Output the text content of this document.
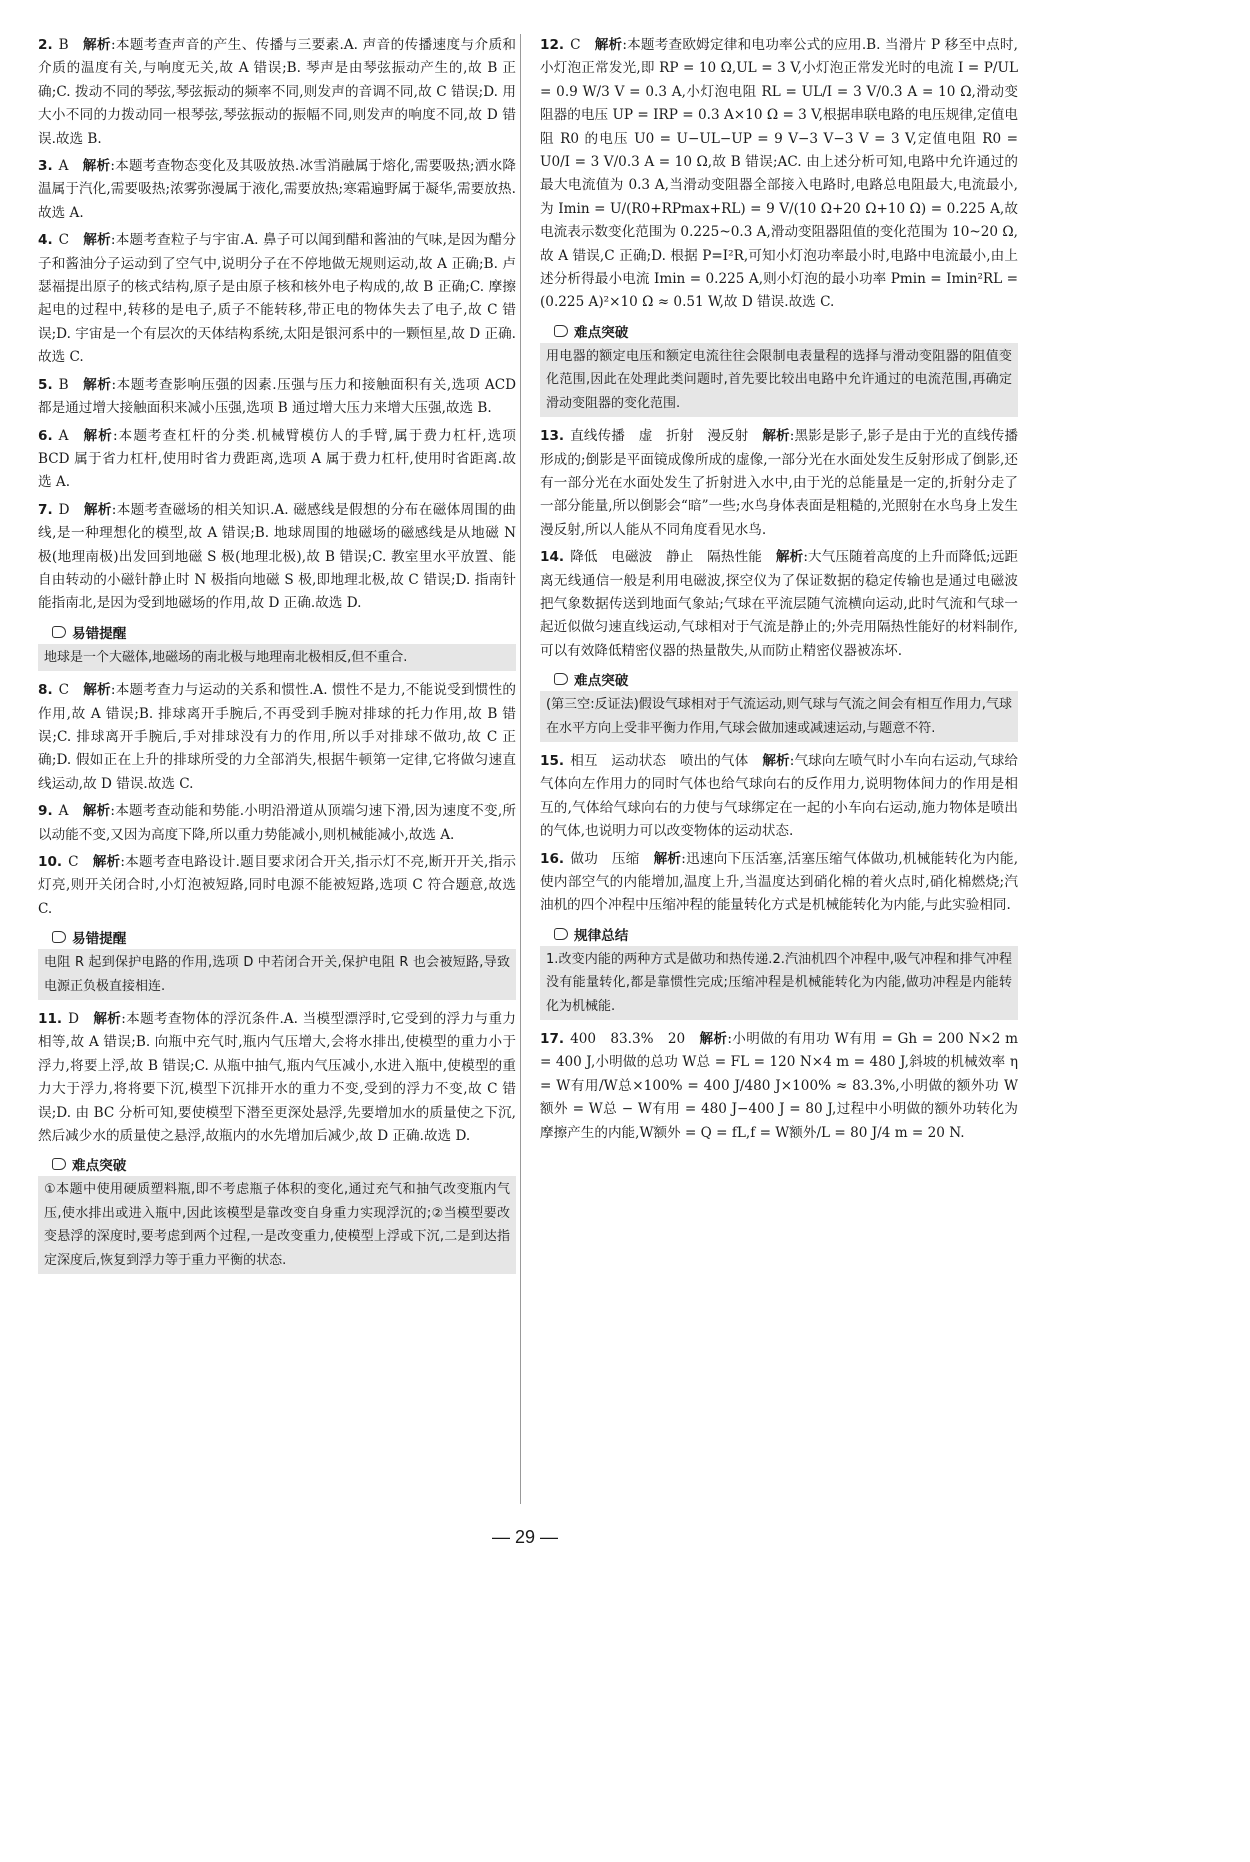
2. B 解析:本题考查声音的产生、传播与三要素.A. 声音的传播速度与介质和介质的温度有关,与响度无关,故 A 错误;B. 琴声是由琴弦振动产生的,故 B 正确;C. 拨动不同的琴弦,琴弦振动的频率不同,则发声的音调不同,故 C 错误;D. 用大小不同的力拨动同一根琴弦,琴弦振动的振幅不同,则发声的响度不同,故 D 错误.故选 B.

3. A 解析:本题考查物态变化及其吸放热.冰雪消融属于熔化,需要吸热;洒水降温属于汽化,需要吸热;浓雾弥漫属于液化,需要放热;寒霜遍野属于凝华,需要放热.故选 A.

4. C 解析:本题考查粒子与宇宙.A. 鼻子可以闻到醋和酱油的气味,是因为醋分子和酱油分子运动到了空气中,说明分子在不停地做无规则运动,故 A 正确;B. 卢瑟福提出原子的核式结构,原子是由原子核和核外电子构成的,故 B 正确;C. 摩擦起电的过程中,转移的是电子,质子不能转移,带正电的物体失去了电子,故 C 错误;D. 宇宙是一个有层次的天体结构系统,太阳是银河系中的一颗恒星,故 D 正确.故选 C.

5. B 解析:本题考查影响压强的因素.压强与压力和接触面积有关,选项 ACD 都是通过增大接触面积来减小压强,选项 B 通过增大压力来增大压强,故选 B.

6. A 解析:本题考查杠杆的分类.机械臂模仿人的手臂,属于费力杠杆,选项 BCD 属于省力杠杆,使用时省力费距离,选项 A 属于费力杠杆,使用时省距离.故选 A.

7. D 解析:本题考查磁场的相关知识.A. 磁感线是假想的分布在磁体周围的曲线,是一种理想化的模型,故 A 错误;B. 地球周围的地磁场的磁感线是从地磁 N 极(地理南极)出发回到地磁 S 极(地理北极),故 B 错误;C. 教室里水平放置、能自由转动的小磁针静止时 N 极指向地磁 S 极,即地理北极,故 C 错误;D. 指南针能指南北,是因为受到地磁场的作用,故 D 正确.故选 D.

易错提醒
地球是一个大磁体,地磁场的南北极与地理南北极相反,但不重合.

8. C 解析:本题考查力与运动的关系和惯性.A. 惯性不是力,不能说受到惯性的作用,故 A 错误;B. 排球离开手腕后,不再受到手腕对排球的托力作用,故 B 错误;C. 排球离开手腕后,手对排球没有力的作用,所以手对排球不做功,故 C 正确;D. 假如正在上升的排球所受的力全部消失,根据牛顿第一定律,它将做匀速直线运动,故 D 错误.故选 C.

9. A 解析:本题考查动能和势能.小明沿滑道从顶端匀速下滑,因为速度不变,所以动能不变,又因为高度下降,所以重力势能减小,则机械能减小,故选 A.

10. C 解析:本题考查电路设计.题目要求闭合开关,指示灯不亮,断开开关,指示灯亮,则开关闭合时,小灯泡被短路,同时电源不能被短路,选项 C 符合题意,故选 C.

易错提醒
电阻 R 起到保护电路的作用,选项 D 中若闭合开关,保护电阻 R 也会被短路,导致电源正负极直接相连.

11. D 解析:本题考查物体的浮沉条件.A. 当模型漂浮时,它受到的浮力与重力相等,故 A 错误;B. 向瓶中充气时,瓶内气压增大,会将水排出,使模型的重力小于浮力,将要上浮,故 B 错误;C. 从瓶中抽气,瓶内气压减小,水进入瓶中,使模型的重力大于浮力,将将要下沉,模型下沉排开水的重力不变,受到的浮力不变,故 C 错误;D. 由 BC 分析可知,要使模型下潜至更深处悬浮,先要增加水的质量使之下沉,然后减少水的质量使之悬浮,故瓶内的水先增加后减少,故 D 正确.故选 D.

难点突破
①本题中使用硬质塑料瓶,即不考虑瓶子体积的变化,通过充气和抽气改变瓶内气压,使水排出或进入瓶中,因此该模型是靠改变自身重力实现浮沉的;②当模型要改变悬浮的深度时,要考虑到两个过程,一是改变重力,使模型上浮或下沉,二是到达指定深度后,恢复到浮力等于重力平衡的状态.

12. C 解析:本题考查欧姆定律和电功率公式的应用.B. 当滑片 P 移至中点时,小灯泡正常发光,即 RP = 10 Ω,UL = 3 V,小灯泡正常发光时的电流 I = P/UL = 0.9 W/3 V = 0.3 A,小灯泡电阻 RL = UL/I = 3 V/0.3 A = 10 Ω,滑动变阻器的电压 UP = IRP = 0.3 A×10 Ω = 3 V,根据串联电路的电压规律,定值电阻 R0 的电压 U0 = U−UL−UP = 9 V−3 V−3 V = 3 V,定值电阻 R0 = U0/I = 3 V/0.3 A = 10 Ω,故 B 错误;AC. 由上述分析可知,电路中允许通过的最大电流值为 0.3 A,当滑动变阻器全部接入电路时,电路总电阻最大,电流最小,为 Imin = U/(R0+RPmax+RL) = 9 V/(10 Ω+20 Ω+10 Ω) = 0.225 A,故电流表示数变化范围为 0.225~0.3 A,滑动变阻器阻值的变化范围为 10~20 Ω,故 A 错误,C 正确;D. 根据 P=I²R,可知小灯泡功率最小时,电路中电流最小,由上述分析得最小电流 Imin = 0.225 A,则小灯泡的最小功率 Pmin = Imin²RL = (0.225 A)²×10 Ω ≈ 0.51 W,故 D 错误.故选 C.

难点突破
用电器的额定电压和额定电流往往会限制电表量程的选择与滑动变阻器的阻值变化范围,因此在处理此类问题时,首先要比较出电路中允许通过的电流范围,再确定滑动变阻器的变化范围.

13. 直线传播　虚　折射　漫反射 解析:黑影是影子,影子是由于光的直线传播形成的;倒影是平面镜成像所成的虚像,一部分光在水面处发生反射形成了倒影,还有一部分光在水面处发生了折射进入水中,由于光的总能量是一定的,折射分走了一部分能量,所以倒影会“暗”一些;水鸟身体表面是粗糙的,光照射在水鸟身上发生漫反射,所以人能从不同角度看见水鸟.

14. 降低　电磁波　静止　隔热性能 解析:大气压随着高度的上升而降低;远距离无线通信一般是利用电磁波,探空仪为了保证数据的稳定传输也是通过电磁波把气象数据传送到地面气象站;气球在平流层随气流横向运动,此时气流和气球一起近似做匀速直线运动,气球相对于气流是静止的;外壳用隔热性能好的材料制作,可以有效降低精密仪器的热量散失,从而防止精密仪器被冻坏.

难点突破
(第三空:反证法)假设气球相对于气流运动,则气球与气流之间会有相互作用力,气球在水平方向上受非平衡力作用,气球会做加速或减速运动,与题意不符.

15. 相互　运动状态　喷出的气体 解析:气球向左喷气时小车向右运动,气球给气体向左作用力的同时气体也给气球向右的反作用力,说明物体间力的作用是相互的,气体给气球向右的力使与气球绑定在一起的小车向右运动,施力物体是喷出的气体,也说明力可以改变物体的运动状态.

16. 做功　压缩 解析:迅速向下压活塞,活塞压缩气体做功,机械能转化为内能,使内部空气的内能增加,温度上升,当温度达到硝化棉的着火点时,硝化棉燃烧;汽油机的四个冲程中压缩冲程的能量转化方式是机械能转化为内能,与此实验相同.

规律总结
1.改变内能的两种方式是做功和热传递.2.汽油机四个冲程中,吸气冲程和排气冲程没有能量转化,都是靠惯性完成;压缩冲程是机械能转化为内能,做功冲程是内能转化为机械能.

17. 400　83.3%　20 解析:小明做的有用功 W有用 = Gh = 200 N×2 m = 400 J,小明做的总功 W总 = FL = 120 N×4 m = 480 J,斜坡的机械效率 η = W有用/W总×100% = 400 J/480 J×100% ≈ 83.3%,小明做的额外功 W额外 = W总 − W有用 = 480 J−400 J = 80 J,过程中小明做的额外功转化为摩擦产生的内能,W额外 = Q = fL,f = W额外/L = 80 J/4 m = 20 N.

— 29 —
